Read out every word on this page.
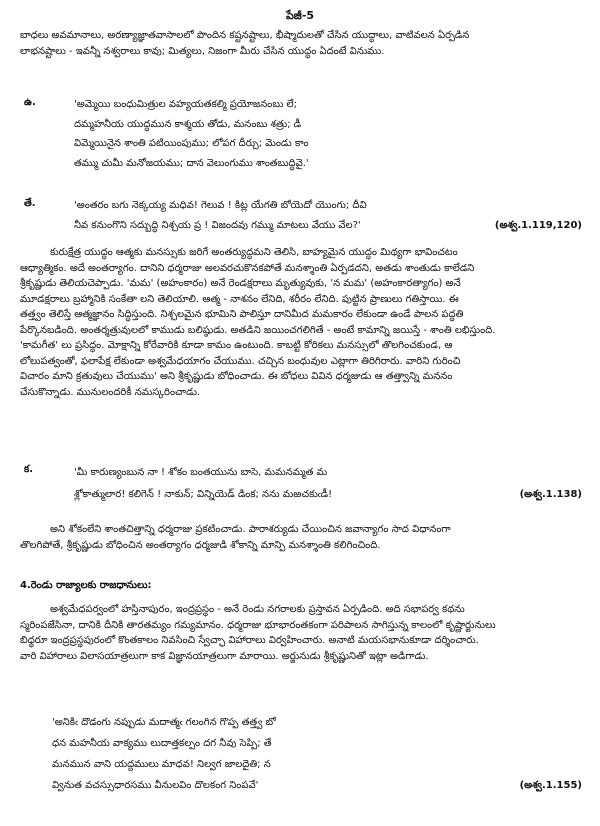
పేజీ-5

బాధలు అవమానాలు, అరణ్యాజ్ఞాతవాసాలలో పొందిన కష్టనష్టాలు, భీష్మాదులతో చేసిన యుద్ధాలు, వాటివలన ఏర్పడిన

లాభనష్టాలు - ఇవన్నీ నశ్వరాలు కావు; మిత్యలు, నిజంగా మీరు చేసిన యుద్ధం ఏదంటే వినుము.

ఉ.	'అమ్మెయి బంధుమిత్రుల వహ్యయతకల్మి ప్రయోజనంబు లే;
దమ్మహనీయ యుద్ధమున కాశ్మయ తోడు, మనంబు శత్రు; డీ
విమ్మెయినైన శాంతి పటియింపుము; లోపగ దీర్చు; మెండు కాం
తమ్ము చుమీ మనోజయము; దాన వెలుంగుము శాంతబుద్ధివై.'
తే.	'అంతరం బగు నెక్కయ్య మధివ! గెలువ ! కిట్ల యేగతి బోయెదో యొంగు; దీవి
నీవ కనుంగొని సద్బుద్ధి నిశ్చయ ప్ర ! విజందవు గమ్ము మాటలు వేయు వేల?'	(అశ్వ.1.119,120)

కురుక్షేత్ర యుద్ధం ఆత్మకు మనస్సుకు జరిగే అంతర్యుద్ధమని తెలిసి, బాహ్యమైన యుద్ధం మిథ్యగా భావించటం

ఆధ్యాత్మికం. అదే అంతర్యాగం. దానిని ధర్మరాజు అలవరచుకొనకపోతే మనశ్శాంతి ఏర్పడదని, అతడు శాంతుడు కాలేడని

శ్రీకృష్ణుడు తెలియచెప్పాడు. 'మమ' (అహంకారం) అనే రెండక్షరాలు మృత్యువుకు, 'న మమ' (అహంకారత్యాగం) అనే

మూడక్షరాలు బ్రహ్మానికి సంకేతా లని తెలియాలి. ఆత్మ - నాశనం లేనిది, శరీరం లేనిది. పుట్టిన ప్రాణులు గతిస్తాయి. ఈ

తత్త్వం తెలిస్తే ఆత్మజ్ఞానం సిద్ధిస్తుంది. నిశ్చలమైన భూమిని పాలిస్తూ దానిమీద మమకారం లేకుండా ఉండే పాలన పద్ధతి

పేర్కొనబడింది. అంతర్శత్రువులలో కాముడు బలిష్ఠుడు. అతడిని జయించగలిగితే - అంటే కామాన్ని జయిస్తే - శాంతి లభిస్తుంది.

'కామగీత' లు ప్రసిద్ధం. మోక్షాన్ని కోరేవారికి కూడా కామం ఉంటుంది. కాబట్టి కోరికలు మనస్సులో తొలగించకుండ, ఆ

లోలుపత్వంతో, ఫలాపేక్ష లేకుండా అశ్వమేధయాగం చేయుము. చచ్చిన బంధువుల ఎట్లాగా తిరిగిరారు. వారిని గురించి

విచారం మాని క్రతువులు చేయుము' అని శ్రీకృష్ణుడు బోధించాడు. ఈ బోధలు వివిన ధర్మజుడు ఆ తత్త్వాన్ని మననం

చేసుకొన్నాడు. మునులందరికీ నమస్కరించాడు.

క.	'మీ కారుణ్యంబున నా ! శోకం బంతయును బాసె, మమనమ్మత మ
శ్లోకాత్ములార! కలిగెన్ ! నాకున్; విన్నియెడ్ డింక; నను మఱచకుఁడీ!	(అశ్వ.1.138)

అని శోకంలేని శాంతచిత్తాన్ని ధర్మరాజు ప్రకటించాడు. పారాశర్యుడు చేయించిన జవాన్యాగం సాద విధానంగా

తొలగిపోతే, శ్రీకృష్ణుడు బోధించిన అంతర్యాగం ధర్మజుడి శోకాన్ని మాన్పి మనశ్శాంతి కలిగించింది.

4.రెండు రాజ్యాలకు రాజధానులు:

అశ్వమేధపర్వంలో హస్తినాపురం, ఇంద్రప్రస్థం - అనే రెండు నగరాలకు ప్రస్తావన ఏర్పడింది. అది సభాపర్వ కథను

స్మరింపజేసినా, దానికి దీనికి తారతమ్యం గమ్యమానం. ధర్మరాజు భూభారంతకంగా పరిపాలన సాగిస్తున్న కాలంలో కృష్ణార్జునులు

బిధ్ధరూ ఇంద్రప్రస్థపురంలో కొంతకాలం నివసించి స్వేచ్ఛా విహారాలు విర్వహించారు. అనాటి మయసభానుకూడా దర్శించారు.

వారి విహారాలు విలాసయాత్రలుగా కాక విజ్ఞానయాత్రలుగా మారాయి. అర్జునుడు శ్రీకృష్ణునితో ఇట్లా అడిగాడు.

'అనికిఁ దొడంగు నప్పుడు మదాత్మఁ గలంగిన గొప్ప తత్త్వ బో
ధన మహనీయ వాక్యము లుదాత్తకల్పం దగ నీవు సెప్పి; తే
మనమున వాని యద్దములు మాధవ! నిల్వగ జాలదైతి; న
వ్వినుత వచస్సుధారసము వీనులవిం దొలకంగ నింపవే'	(అశ్వ.1.155)
